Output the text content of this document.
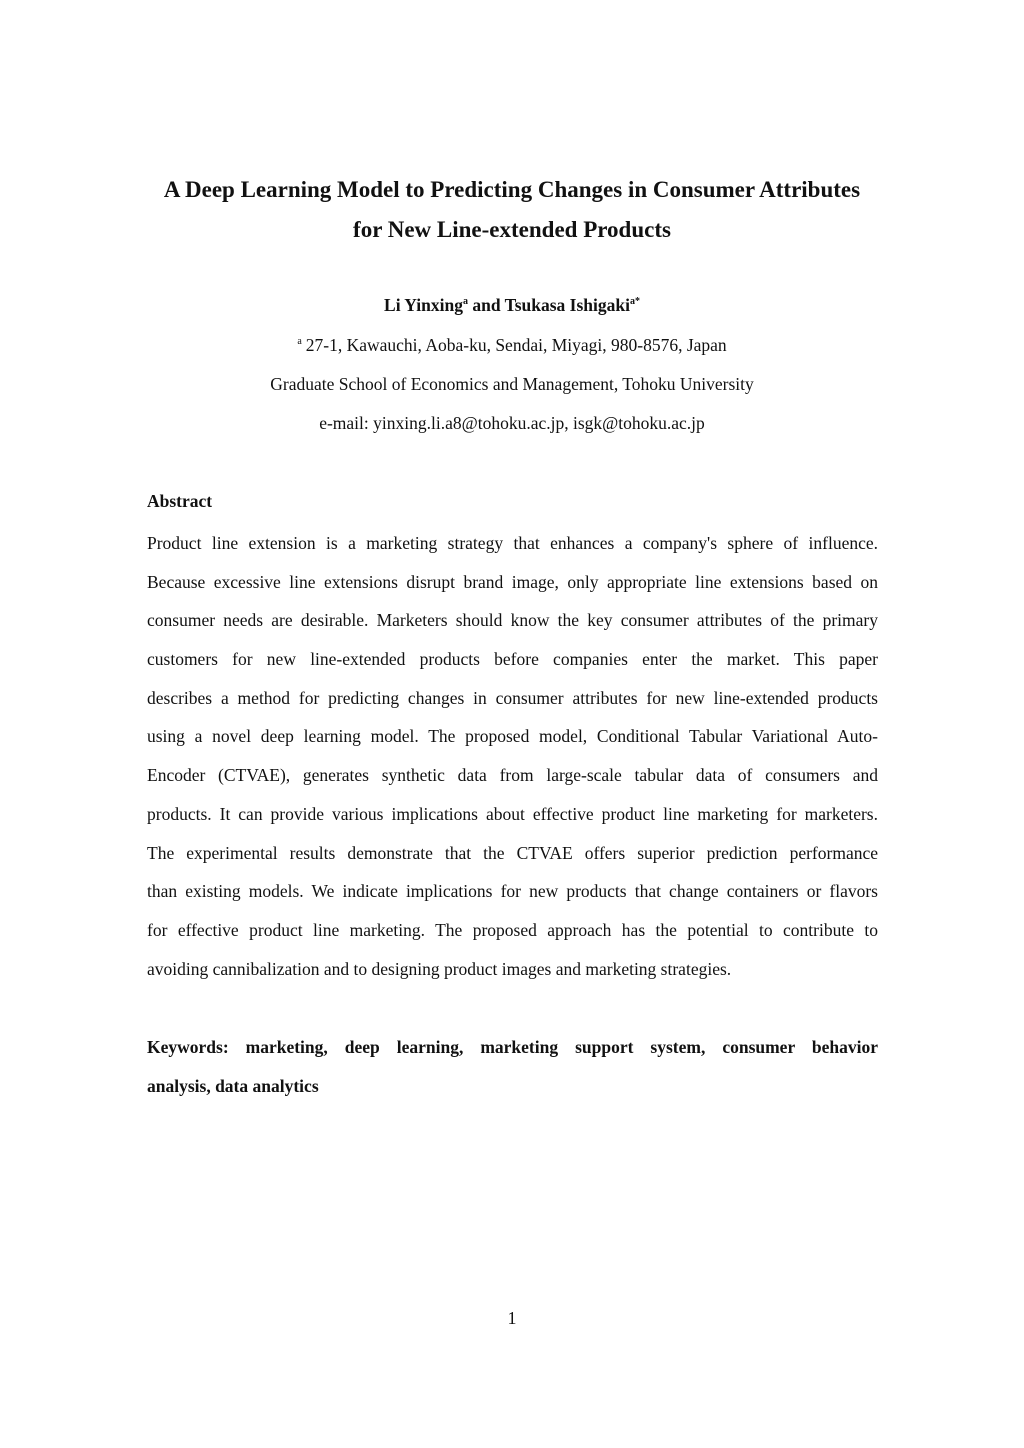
A Deep Learning Model to Predicting Changes in Consumer Attributes
for New Line-extended Products
Li Yinxing$^a$ and Tsukasa Ishigaki$^{a*}$
$^a$ 27-1, Kawauchi, Aoba-ku, Sendai, Miyagi, 980-8576, Japan
Graduate School of Economics and Management, Tohoku University
e-mail: yinxing.li.a8@tohoku.ac.jp, isgk@tohoku.ac.jp
Abstract
Product line extension is a marketing strategy that enhances a company's sphere of influence.
Because excessive line extensions disrupt brand image, only appropriate line extensions based on
consumer needs are desirable. Marketers should know the key consumer attributes of the primary
customers for new line-extended products before companies enter the market. This paper
describes a method for predicting changes in consumer attributes for new line-extended products
using a novel deep learning model. The proposed model, Conditional Tabular Variational Auto-
Encoder (CTVAE), generates synthetic data from large-scale tabular data of consumers and
products. It can provide various implications about effective product line marketing for marketers.
The experimental results demonstrate that the CTVAE offers superior prediction performance
than existing models. We indicate implications for new products that change containers or flavors
for effective product line marketing. The proposed approach has the potential to contribute to
avoiding cannibalization and to designing product images and marketing strategies.
Keywords: marketing, deep learning, marketing support system, consumer behavior
analysis, data analytics
1
